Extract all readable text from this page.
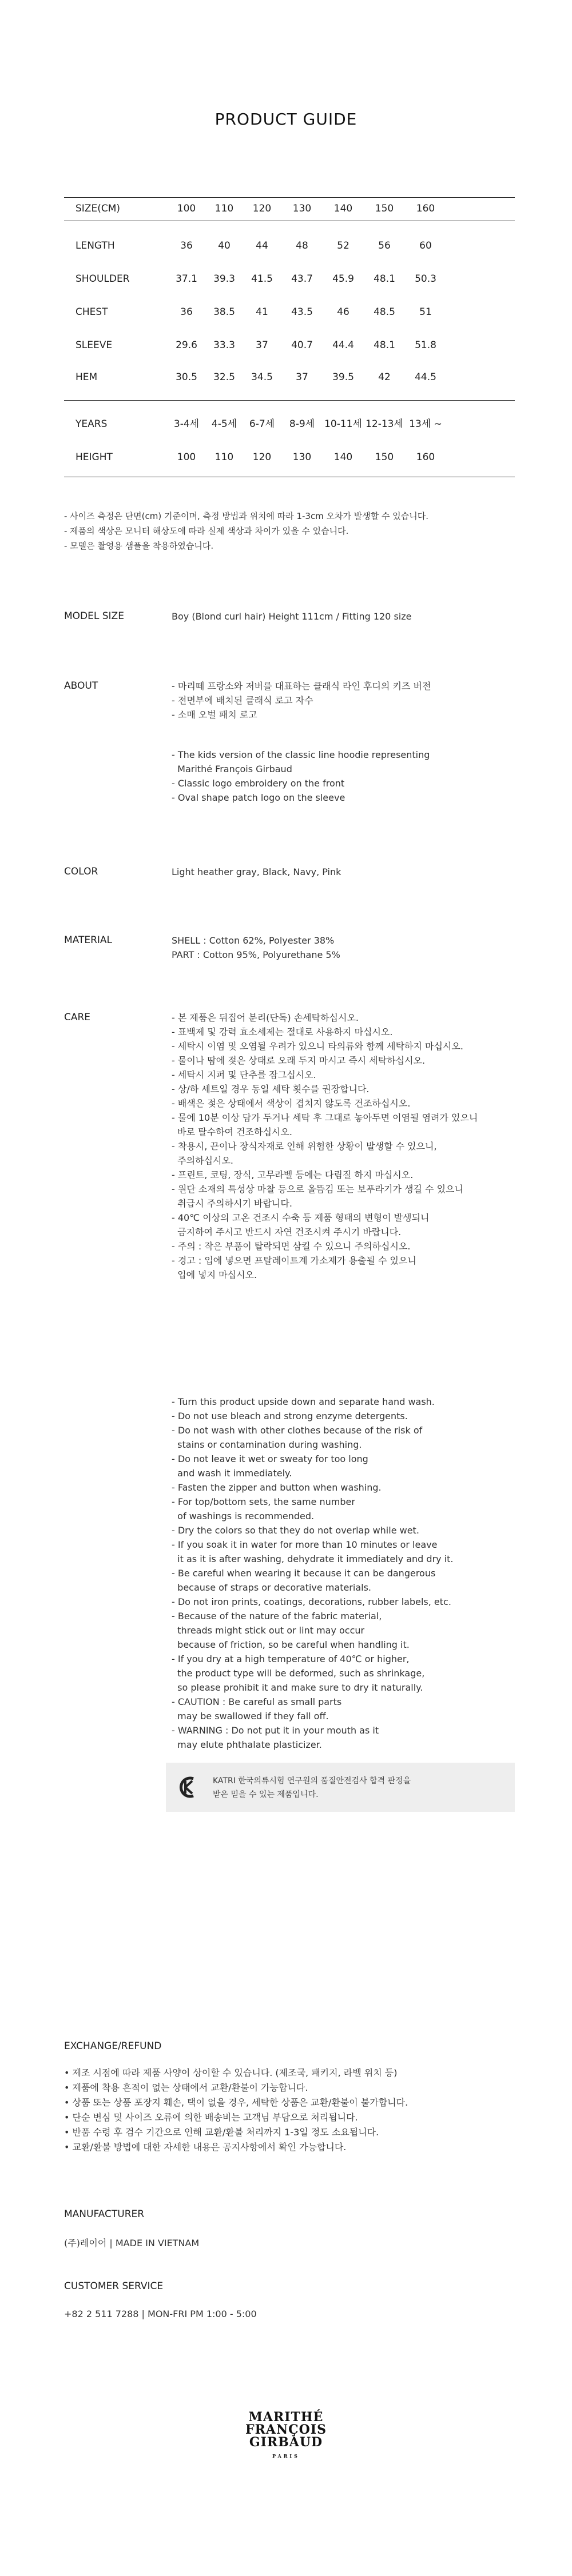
PRODUCT GUIDE
SIZE(CM)	100	110	120	130	140	150	160
LENGTH	36	40	44	48	52	56	60
SHOULDER	37.1	39.3	41.5	43.7	45.9	48.1	50.3
CHEST	36	38.5	41	43.5	46	48.5	51
SLEEVE	29.6	33.3	37	40.7	44.4	48.1	51.8
HEM	30.5	32.5	34.5	37	39.5	42	44.5
YEARS	3-4세	4-5세	6-7세	8-9세 10-11세 12-13세 13세 ~
HEIGHT	100	110	120	130	140	150	160
- 사이즈 측정은 단면(cm) 기준이며, 측정 방법과 위치에 따라 1-3cm 오차가 발생할 수 있습니다.
- 제품의 색상은 모니터 해상도에 따라 실제 색상과 차이가 있을 수 있습니다.
- 모델은 촬영용 샘플을 착용하였습니다.
MODEL SIZE	Boy (Blond curl hair) Height 111cm / Fitting 120 size
ABOUT	- 마리떼 프랑소와 저버를 대표하는 클래식 라인 후디의 키즈 버전
- 전면부에 배치된 클래식 로고 자수
- 소매 오벌 패치 로고
- The kids version of the classic line hoodie representing
Marithé François Girbaud
- Classic logo embroidery on the front
- Oval shape patch logo on the sleeve
COLOR	Light heather gray, Black, Navy, Pink
MATERIAL	SHELL : Cotton 62%, Polyester 38%
PART : Cotton 95%, Polyurethane 5%
CARE	- 본 제품은 뒤집어 분리(단독) 손세탁하십시오.
- 표백제 및 강력 효소세제는 절대로 사용하지 마십시오.
- 세탁시 이염 및 오염될 우려가 있으니 타의류와 함께 세탁하지 마십시오.
- 물이나 땀에 젖은 상태로 오래 두지 마시고 즉시 세탁하십시오.
- 세탁시 지퍼 및 단추를 잠그십시오.
- 상/하 세트일 경우 동일 세탁 횟수를 권장합니다.
- 배색은 젖은 상태에서 색상이 겹치지 않도록 건조하십시오.
- 물에 10분 이상 담가 두거나 세탁 후 그대로 놓아두면 이염될 염려가 있으니
바로 탈수하여 건조하십시오.
- 착용시, 끈이나 장식자재로 인해 위험한 상황이 발생할 수 있으니,
주의하십시오.
- 프린트, 코팅, 장식, 고무라벨 등에는 다림질 하지 마십시오.
- 원단 소재의 특성상 마찰 등으로 올뜸김 또는 보푸라기가 생길 수 있으니
취급시 주의하시기 바랍니다.
- 40℃ 이상의 고온 건조시 수축 등 제품 형태의 변형이 발생되니
금지하여 주시고 반드시 자연 건조시켜 주시기 바랍니다.
- 주의 : 작은 부품이 탈락되면 삼킬 수 있으니 주의하십시오.
- 경고 : 입에 넣으면 프탈레이트계 가소제가 용출될 수 있으니
입에 넣지 마십시오.
- Turn this product upside down and separate hand wash.
- Do not use bleach and strong enzyme detergents.
- Do not wash with other clothes because of the risk of
stains or contamination during washing.
- Do not leave it wet or sweaty for too long
and wash it immediately.
- Fasten the zipper and button when washing.
- For top/bottom sets, the same number
of washings is recommended.
- Dry the colors so that they do not overlap while wet.
- If you soak it in water for more than 10 minutes or leave
it as it is after washing, dehydrate it immediately and dry it.
- Be careful when wearing it because it can be dangerous
because of straps or decorative materials.
- Do not iron prints, coatings, decorations, rubber labels, etc.
- Because of the nature of the fabric material,
threads might stick out or lint may occur
because of friction, so be careful when handling it.
- If you dry at a high temperature of 40℃ or higher,
the product type will be deformed, such as shrinkage,
so please prohibit it and make sure to dry it naturally.
- CAUTION : Be careful as small parts
may be swallowed if they fall off.
- WARNING : Do not put it in your mouth as it
may elute phthalate plasticizer.
KATRI 한국의류시험 연구원의 품질안전검사 합격 판정을
받은 믿을 수 있는 제품입니다.
EXCHANGE/REFUND
• 제조 시점에 따라 제품 사양이 상이할 수 있습니다. (제조국, 패키지, 라벨 위치 등)
• 제품에 착용 흔적이 없는 상태에서 교환/환불이 가능합니다.
• 상품 또는 상품 포장지 훼손, 택이 없을 경우, 세탁한 상품은 교환/환불이 불가합니다.
• 단순 변심 및 사이즈 오류에 의한 배송비는 고객님 부담으로 처리됩니다.
• 반품 수령 후 검수 기간으로 인해 교환/환불 처리까지 1-3일 정도 소요됩니다.
• 교환/환불 방법에 대한 자세한 내용은 공지사항에서 확인 가능합니다.
MANUFACTURER
(주)레이어 | MADE IN VIETNAM
CUSTOMER SERVICE
+82 2 511 7288 | MON-FRI PM 1:00 - 5:00
MARITHÉ
FRANÇOIS
GIRBAUD
PARIS
